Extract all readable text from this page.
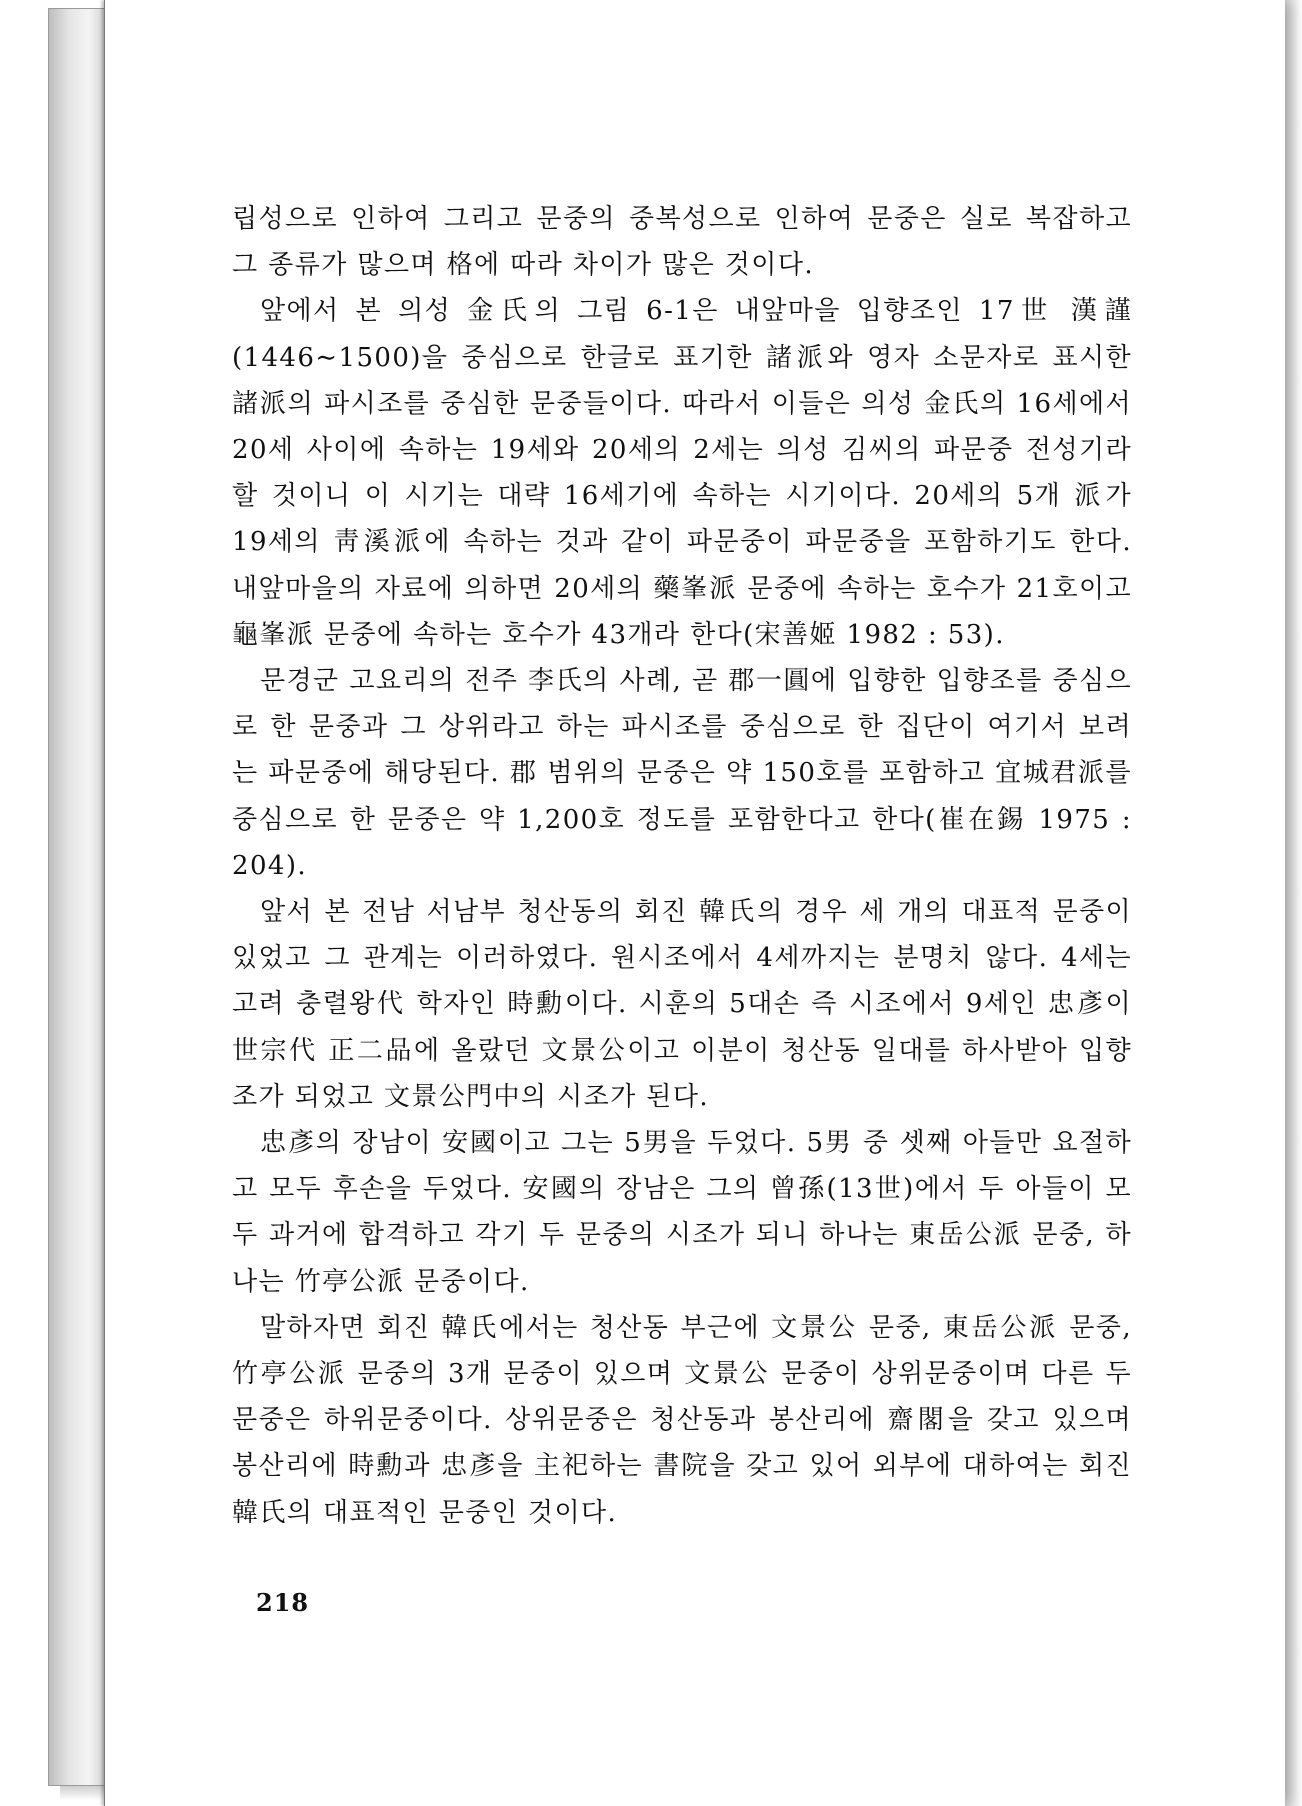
립성으로 인하여 그리고 문중의 중복성으로 인하여 문중은 실로 복잡하고 그 종류가 많으며 格에 따라 차이가 많은 것이다.

앞에서 본 의성 金氏의 그림 6-1은 내앞마을 입향조인 17世 漢謹(1446∼1500)을 중심으로 한글로 표기한 諸派와 영자 소문자로 표시한 諸派의 파시조를 중심한 문중들이다. 따라서 이들은 의성 金氏의 16세에서 20세 사이에 속하는 19세와 20세의 2세는 의성 김씨의 파문중 전성기라 할 것이니 이 시기는 대략 16세기에 속하는 시기이다. 20세의 5개 派가 19세의 靑溪派에 속하는 것과 같이 파문중이 파문중을 포함하기도 한다. 내앞마을의 자료에 의하면 20세의 藥峯派 문중에 속하는 호수가 21호이고 龜峯派 문중에 속하는 호수가 43개라 한다(宋善姬 1982 : 53).

문경군 고요리의 전주 李氏의 사례, 곧 郡一圓에 입향한 입향조를 중심으로 한 문중과 그 상위라고 하는 파시조를 중심으로 한 집단이 여기서 보려는 파문중에 해당된다. 郡 범위의 문중은 약 150호를 포함하고 宜城君派를 중심으로 한 문중은 약 1,200호 정도를 포함한다고 한다(崔在錫 1975 : 204).

앞서 본 전남 서남부 청산동의 회진 韓氏의 경우 세 개의 대표적 문중이 있었고 그 관계는 이러하였다. 원시조에서 4세까지는 분명치 않다. 4세는 고려 충렬왕代 학자인 時勳이다. 시훈의 5대손 즉 시조에서 9세인 忠彥이 世宗代 正二品에 올랐던 文景公이고 이분이 청산동 일대를 하사받아 입향조가 되었고 文景公門中의 시조가 된다.

忠彥의 장남이 安國이고 그는 5男을 두었다. 5男 중 셋째 아들만 요절하고 모두 후손을 두었다. 安國의 장남은 그의 曾孫(13世)에서 두 아들이 모두 과거에 합격하고 각기 두 문중의 시조가 되니 하나는 東岳公派 문중, 하나는 竹亭公派 문중이다.

말하자면 회진 韓氏에서는 청산동 부근에 文景公 문중, 東岳公派 문중, 竹亭公派 문중의 3개 문중이 있으며 文景公 문중이 상위문중이며 다른 두 문중은 하위문중이다. 상위문중은 청산동과 봉산리에 齋閣을 갖고 있으며 봉산리에 時勳과 忠彥을 主祀하는 書院을 갖고 있어 외부에 대하여는 회진 韓氏의 대표적인 문중인 것이다.

218
